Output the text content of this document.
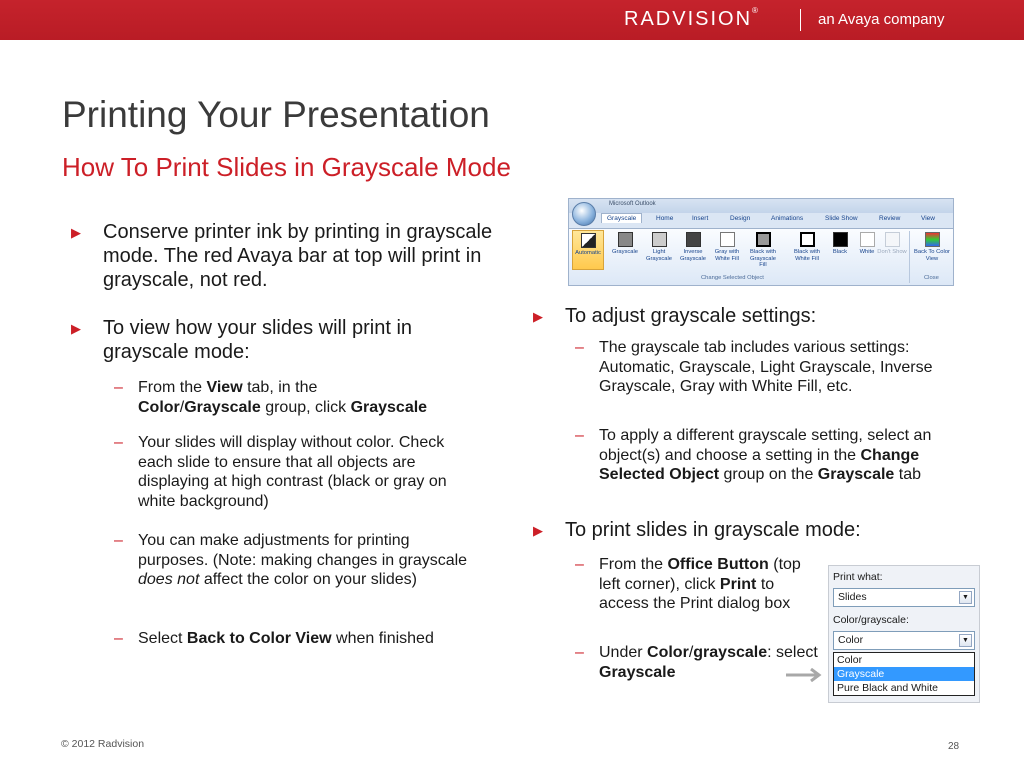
RADVISION®
an Avaya company
Printing Your Presentation
How To Print Slides in Grayscale Mode
▶ Conserve printer ink by printing in grayscale mode. The red Avaya bar at top will print in grayscale, not red.
▶ To view how your slides will print in grayscale mode:
– From the View tab, in the
Color/Grayscale group, click Grayscale
– Your slides will display without color. Check each slide to ensure that all objects are displaying at high contrast (black or gray on white background)
– You can make adjustments for printing purposes. (Note: making changes in grayscale does not affect the color on your slides)
– Select Back to Color View when finished
Microsoft Outlook
Grayscale	Home	Insert	Design	Animations	Slide Show	Review	View
Automatic	Grayscale	Light Grayscale
Inverse Grayscale
Gray with White Fill
Black with Grayscale Fill
Black with White Fill
Black	White Don't Show Back To Color View
Change Selected Object	Close
▶ To adjust grayscale settings:
– The grayscale tab includes various settings: Automatic, Grayscale, Light Grayscale, Inverse Grayscale, Gray with White Fill, etc.
– To apply a different grayscale setting, select an object(s) and choose a setting in the Change Selected Object group on the Grayscale tab
▶ To print slides in grayscale mode:
– From the Office Button (top left corner), click Print to access the Print dialog box
– Under Color/grayscale: select Grayscale
Print what:
Slides	▼
Color/grayscale:
Color	▼
Color
Grayscale
Pure Black and White
© 2012 Radvision	28
